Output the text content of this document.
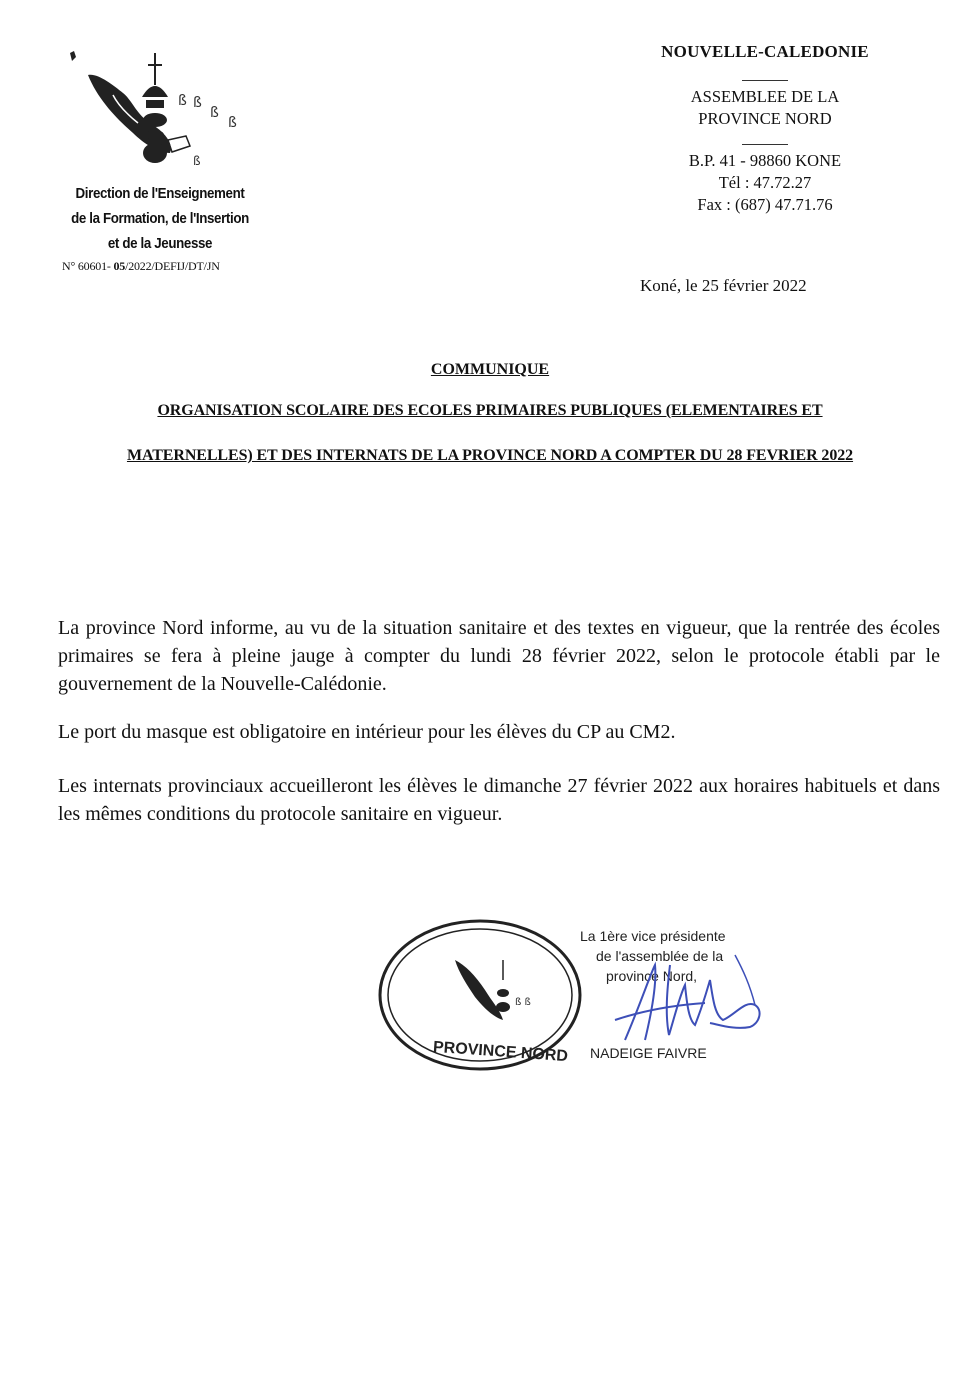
ß ß
ß
ß
ß
Direction de l'Enseignement
de la Formation, de l'Insertion
et de la Jeunesse
N° 60601- 05/2022/DEFIJ/DT/JN
NOUVELLE-CALEDONIE
ASSEMBLEE DE LA
PROVINCE NORD
B.P. 41 - 98860 KONE
Tél : 47.72.27
Fax : (687) 47.71.76
Koné, le 25 février 2022
COMMUNIQUE
ORGANISATION SCOLAIRE DES ECOLES PRIMAIRES PUBLIQUES (ELEMENTAIRES ET
MATERNELLES) ET DES INTERNATS DE LA PROVINCE NORD A COMPTER DU 28 FEVRIER 2022
La province Nord informe, au vu de la situation sanitaire et des textes en vigueur, que la rentrée des écoles primaires se fera à pleine jauge à compter du lundi 28 février 2022, selon le protocole établi par le gouvernement de la Nouvelle-Calédonie.
Le port du masque est obligatoire en intérieur pour les élèves du CP au CM2.
Les internats provinciaux accueilleront les élèves le dimanche 27 février 2022 aux horaires habituels et dans les mêmes conditions du protocole sanitaire en vigueur.
ß ß
PROVINCE NORD
La 1ère vice présidente
de l'assemblée de la
province Nord,
NADEIGE FAIVRE
